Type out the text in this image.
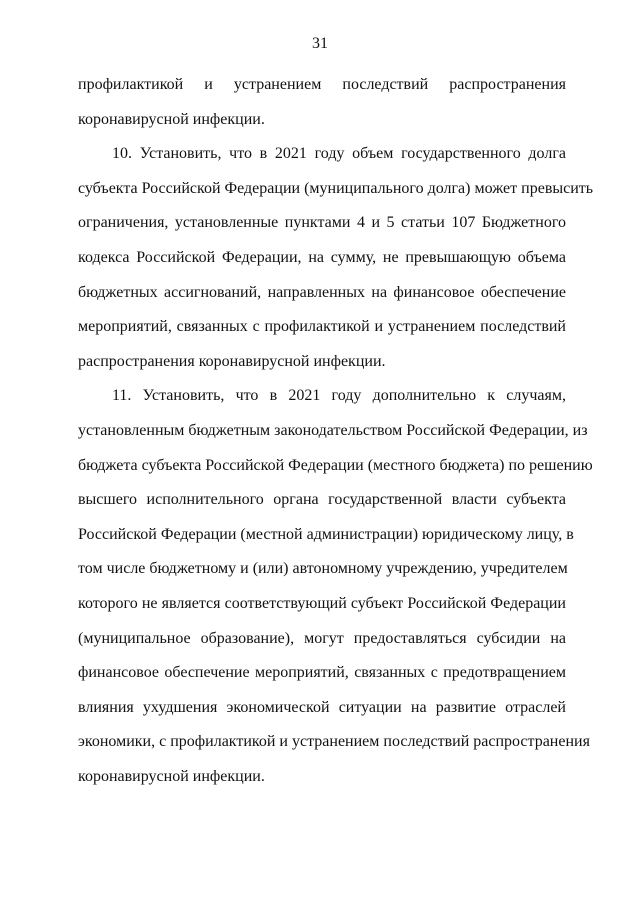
31
профилактикой и устранением последствий распространения
коронавирусной инфекции.
10. Установить, что в 2021 году объем государственного долга
субъекта Российской Федерации (муниципального долга) может превысить
ограничения, установленные пунктами 4 и 5 статьи 107 Бюджетного
кодекса Российской Федерации, на сумму, не превышающую объема
бюджетных ассигнований, направленных на финансовое обеспечение
мероприятий, связанных с профилактикой и устранением последствий
распространения коронавирусной инфекции.
11. Установить, что в 2021 году дополнительно к случаям,
установленным бюджетным законодательством Российской Федерации, из
бюджета субъекта Российской Федерации (местного бюджета) по решению
высшего исполнительного органа государственной власти субъекта
Российской Федерации (местной администрации) юридическому лицу, в
том числе бюджетному и (или) автономному учреждению, учредителем
которого не является соответствующий субъект Российской Федерации
(муниципальное образование), могут предоставляться субсидии на
финансовое обеспечение мероприятий, связанных с предотвращением
влияния ухудшения экономической ситуации на развитие отраслей
экономики, с профилактикой и устранением последствий распространения
коронавирусной инфекции.
